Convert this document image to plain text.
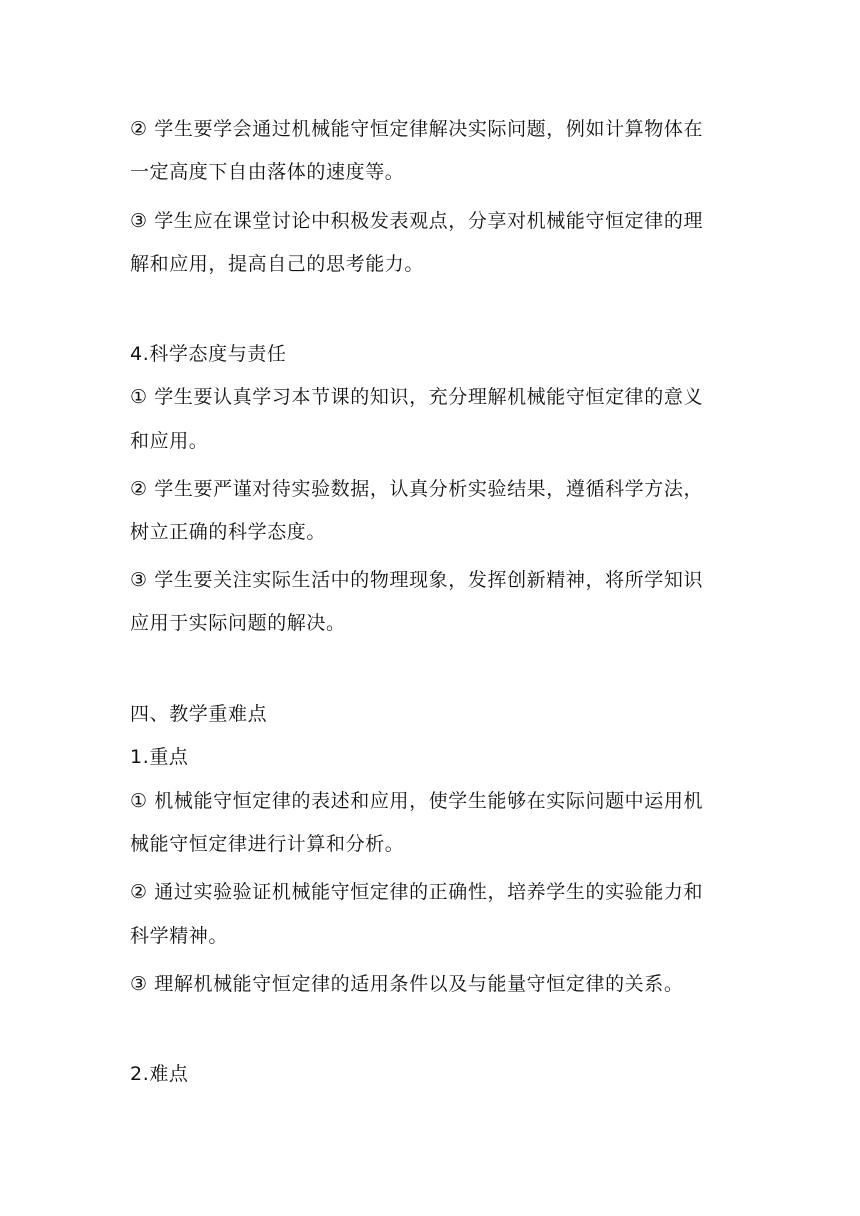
② 学生要学会通过机械能守恒定律解决实际问题，例如计算物体在
一定高度下自由落体的速度等。
③ 学生应在课堂讨论中积极发表观点，分享对机械能守恒定律的理
解和应用，提高自己的思考能力。
4.科学态度与责任
① 学生要认真学习本节课的知识，充分理解机械能守恒定律的意义
和应用。
② 学生要严谨对待实验数据，认真分析实验结果，遵循科学方法，
树立正确的科学态度。
③ 学生要关注实际生活中的物理现象，发挥创新精神，将所学知识
应用于实际问题的解决。
四、教学重难点
1.重点
① 机械能守恒定律的表述和应用，使学生能够在实际问题中运用机
械能守恒定律进行计算和分析。
② 通过实验验证机械能守恒定律的正确性，培养学生的实验能力和
科学精神。
③ 理解机械能守恒定律的适用条件以及与能量守恒定律的关系。
2.难点
